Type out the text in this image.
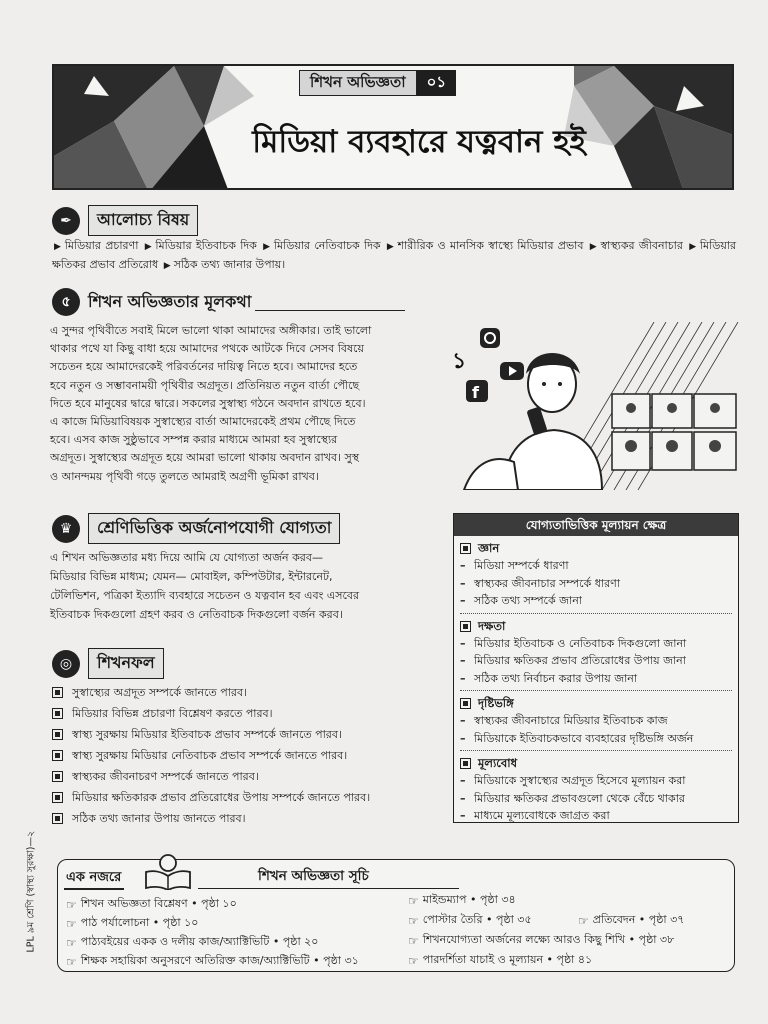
শিখন অভিজ্ঞতা	০১
মিডিয়া ব্যবহারে যত্নবান হই
✒	আলোচ্য বিষয়
▶ মিডিয়ার প্রচারণা ▶ মিডিয়ার ইতিবাচক দিক ▶ মিডিয়ার নেতিবাচক দিক ▶ শারীরিক ও মানসিক স্বাস্থ্যে মিডিয়ার প্রভাব ▶ স্বাস্থ্যকর জীবনাচার ▶ মিডিয়ার ক্ষতিকর প্রভাব প্রতিরোধ ▶ সঠিক তথ্য জানার উপায়।
৫	শিখন অভিজ্ঞতার মূলকথা
এ সুন্দর পৃথিবীতে সবাই মিলে ভালো থাকা আমাদের অঙ্গীকার। তাই ভালো
থাকার পথে যা কিছু বাধা হয়ে আমাদের পথকে আটকে দিবে সেসব বিষয়ে
সচেতন হয়ে আমাদেরকেই পরিবর্তনের দায়িত্ব নিতে হবে। আমাদের হতে
হবে নতুন ও সম্ভাবনাময়ী পৃথিবীর অগ্রদূত। প্রতিনিয়ত নতুন বার্তা পৌছে
দিতে হবে মানুষের দ্বারে দ্বারে। সকলের সুস্বাস্থ্য গঠনে অবদান রাখতে হবে।
এ কাজে মিডিয়াবিষয়ক সুস্বাস্থ্যের বার্তা আমাদেরকেই প্রথম পৌছে দিতে
হবে। এসব কাজ সুষ্ঠুভাবে সম্পন্ন করার মাধ্যমে আমরা হব সুস্বাস্থ্যের
অগ্রদূত। সুস্বাস্থ্যের অগ্রদূত হয়ে আমরা ভালো থাকায় অবদান রাখব। সুস্থ
ও আনন্দময় পৃথিবী গড়ে তুলতে আমরাই অগ্রণী ভূমিকা রাখব।
১
f
♛	শ্রেণিভিত্তিক অর্জনোপযোগী যোগ্যতা
এ শিখন অভিজ্ঞতার মধ্য দিয়ে আমি যে যোগ্যতা অর্জন করব—
মিডিয়ার বিভিন্ন মাধ্যম; যেমন— মোবাইল, কম্পিউটার, ইন্টারনেট,
টেলিভিশন, পত্রিকা ইত্যাদি ব্যবহারে সচেতন ও যত্নবান হব এবং এসবের
ইতিবাচক দিকগুলো গ্রহণ করব ও নেতিবাচক দিকগুলো বর্জন করব।
◎	শিখনফল
সুস্বাস্থ্যের অগ্রদূত সম্পর্কে জানতে পারব।
মিডিয়ার বিভিন্ন প্রচারণা বিশ্লেষণ করতে পারব।
স্বাস্থ্য সুরক্ষায় মিডিয়ার ইতিবাচক প্রভাব সম্পর্কে জানতে পারব।
স্বাস্থ্য সুরক্ষায় মিডিয়ার নেতিবাচক প্রভাব সম্পর্কে জানতে পারব।
স্বাস্থ্যকর জীবনাচরণ সম্পর্কে জানতে পারব।
মিডিয়ার ক্ষতিকারক প্রভাব প্রতিরোধের উপায় সম্পর্কে জানতে পারব।
সঠিক তথ্য জানার উপায় জানতে পারব।
যোগ্যতাভিত্তিক মূল্যায়ন ক্ষেত্র
জ্ঞান
– মিডিয়া সম্পর্কে ধারণা
– স্বাস্থ্যকর জীবনাচার সম্পর্কে ধারণা
– সঠিক তথ্য সম্পর্কে জানা
দক্ষতা
– মিডিয়ার ইতিবাচক ও নেতিবাচক দিকগুলো জানা
– মিডিয়ার ক্ষতিকর প্রভাব প্রতিরোধের উপায় জানা
– সঠিক তথ্য নির্বাচন করার উপায় জানা
দৃষ্টিভঙ্গি
– স্বাস্থ্যকর জীবনাচারে মিডিয়ার ইতিবাচক কাজ
– মিডিয়াকে ইতিবাচকভাবে ব্যবহারের দৃষ্টিভঙ্গি অর্জন
মূল্যবোধ
– মিডিয়াকে সুস্বাস্থ্যের অগ্রদূত হিসেবে মূল্যায়ন করা
– মিডিয়ার ক্ষতিকর প্রভাবগুলো থেকে বেঁচে থাকার
– মাধ্যমে মূল্যবোধকে জাগ্রত করা
এক নজরে	শিখন অভিজ্ঞতা সূচি
☞ শিখন অভিজ্ঞতা বিশ্লেষণ • পৃষ্ঠা ১০
☞ পাঠ পর্যালোচনা • পৃষ্ঠা ১০
☞ পাঠ্যবইয়ের একক ও দলীয় কাজ/অ্যাক্টিভিটি • পৃষ্ঠা ২০
☞ শিক্ষক সহায়িকা অনুসরণে অতিরিক্ত কাজ/অ্যাক্টিভিটি • পৃষ্ঠা ৩১
☞ মাইন্ডম্যাপ • পৃষ্ঠা ৩৪
☞ পোস্টার তৈরি • পৃষ্ঠা ৩৫
☞ শিখনযোগ্যতা অর্জনের লক্ষ্যে আরও কিছু শিখি • পৃষ্ঠা ৩৮
☞ পারদর্শিতা যাচাই ও মূল্যায়ন • পৃষ্ঠা ৪১
☞ প্রতিবেদন • পৃষ্ঠা ৩৭
LPL ৯ম শ্রেণি (স্বাস্থ্য সুরক্ষা)—২
